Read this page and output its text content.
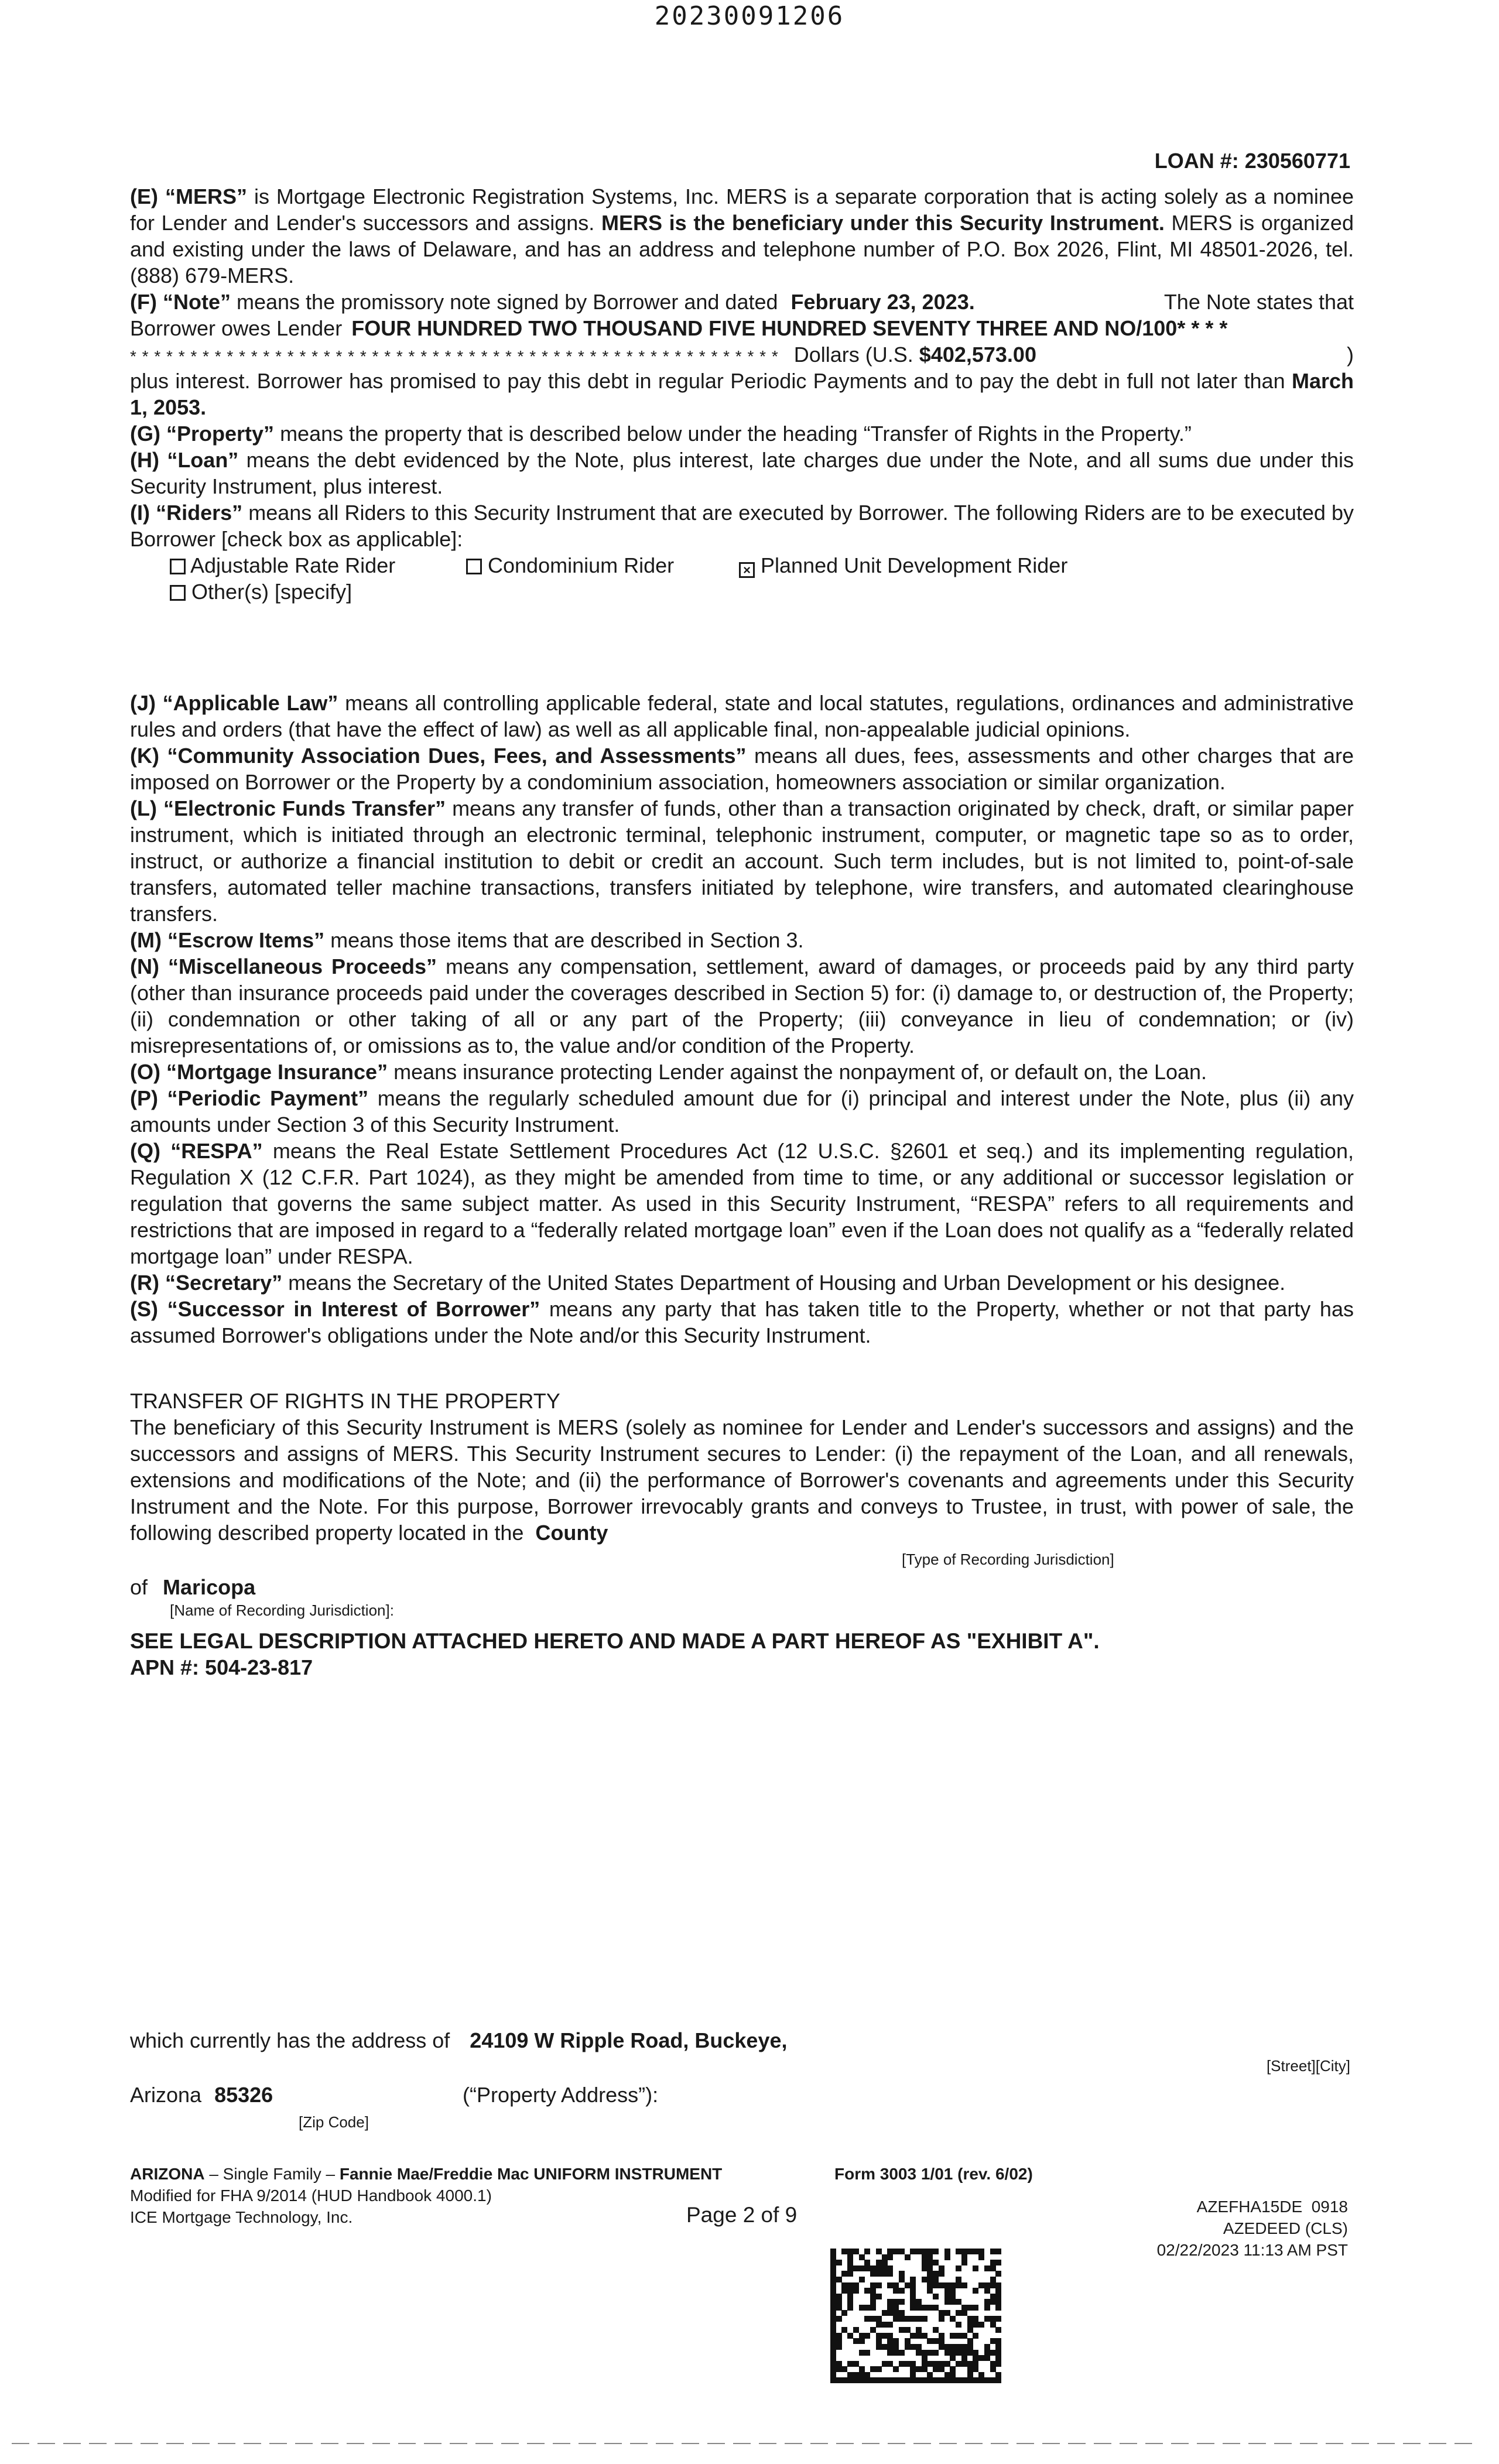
20230091206
LOAN #: 230560771

(E) “MERS” is Mortgage Electronic Registration Systems, Inc. MERS is a separate corporation that is acting solely as a nominee for Lender and Lender's successors and assigns. MERS is the beneficiary under this Security Instrument. MERS is organized and existing under the laws of Delaware, and has an address and telephone number of P.O. Box 2026, Flint, MI 48501-2026, tel. (888) 679-MERS.

(F) “Note” means the promissory note signed by Borrower and dated February 23, 2023.	The Note states that
Borrower owes Lender FOUR HUNDRED TWO THOUSAND FIVE HUNDRED SEVENTY THREE AND NO/100* * * *
* * * * * * * * * * * * * * * * * * * * * * * * * * * * * * * * * * * * * * * * * * * * * * * * * * * * * * Dollars (U.S. $402,573.00	)

plus interest. Borrower has promised to pay this debt in regular Periodic Payments and to pay the debt in full not later than March 1, 2053.

(G) “Property” means the property that is described below under the heading “Transfer of Rights in the Property.”

(H) “Loan” means the debt evidenced by the Note, plus interest, late charges due under the Note, and all sums due under this Security Instrument, plus interest.

(I) “Riders” means all Riders to this Security Instrument that are executed by Borrower. The following Riders are to be executed by Borrower [check box as applicable]:

Adjustable Rate Rider	Condominium Rider	× Planned Unit Development Rider
Other(s) [specify]

(J) “Applicable Law” means all controlling applicable federal, state and local statutes, regulations, ordinances and administrative rules and orders (that have the effect of law) as well as all applicable final, non-appealable judicial opinions.

(K) “Community Association Dues, Fees, and Assessments” means all dues, fees, assessments and other charges that are imposed on Borrower or the Property by a condominium association, homeowners association or similar organization.

(L) “Electronic Funds Transfer” means any transfer of funds, other than a transaction originated by check, draft, or similar paper instrument, which is initiated through an electronic terminal, telephonic instrument, computer, or magnetic tape so as to order, instruct, or authorize a financial institution to debit or credit an account. Such term includes, but is not limited to, point-of-sale transfers, automated teller machine transactions, transfers initiated by telephone, wire transfers, and automated clearinghouse transfers.

(M) “Escrow Items” means those items that are described in Section 3.

(N) “Miscellaneous Proceeds” means any compensation, settlement, award of damages, or proceeds paid by any third party (other than insurance proceeds paid under the coverages described in Section 5) for: (i) damage to, or destruction of, the Property; (ii) condemnation or other taking of all or any part of the Property; (iii) conveyance in lieu of condemnation; or (iv) misrepresentations of, or omissions as to, the value and/or condition of the Property.

(O) “Mortgage Insurance” means insurance protecting Lender against the nonpayment of, or default on, the Loan.

(P) “Periodic Payment” means the regularly scheduled amount due for (i) principal and interest under the Note, plus (ii) any amounts under Section 3 of this Security Instrument.

(Q) “RESPA” means the Real Estate Settlement Procedures Act (12 U.S.C. §2601 et seq.) and its implementing regulation, Regulation X (12 C.F.R. Part 1024), as they might be amended from time to time, or any additional or successor legislation or regulation that governs the same subject matter. As used in this Security Instrument, “RESPA” refers to all requirements and restrictions that are imposed in regard to a “federally related mortgage loan” even if the Loan does not qualify as a “federally related mortgage loan” under RESPA.

(R) “Secretary” means the Secretary of the United States Department of Housing and Urban Development or his designee.

(S) “Successor in Interest of Borrower” means any party that has taken title to the Property, whether or not that party has assumed Borrower's obligations under the Note and/or this Security Instrument.

TRANSFER OF RIGHTS IN THE PROPERTY

The beneficiary of this Security Instrument is MERS (solely as nominee for Lender and Lender's successors and assigns) and the successors and assigns of MERS. This Security Instrument secures to Lender: (i) the repayment of the Loan, and all renewals, extensions and modifications of the Note; and (ii) the performance of Borrower's covenants and agreements under this Security Instrument and the Note. For this purpose, Borrower irrevocably grants and conveys to Trustee, in trust, with power of sale, the following described property located in the County

[Type of Recording Jurisdiction]
of Maricopa
[Name of Recording Jurisdiction]:
SEE LEGAL DESCRIPTION ATTACHED HERETO AND MADE A PART HEREOF AS "EXHIBIT A".
APN #: 504-23-817
which currently has the address of 24109 W Ripple Road, Buckeye,
[Street][City]
Arizona 85326	(“Property Address”):
[Zip Code]
ARIZONA – Single Family – Fannie Mae/Freddie Mac UNIFORM INSTRUMENT	Form 3003 1/01 (rev. 6/02)
Modified for FHA 9/2014 (HUD Handbook 4000.1)
ICE Mortgage Technology, Inc.	Page 2 of 9	AZEFHA15DE  0918
AZEDEED (CLS)
02/22/2023 11:13 AM PST
